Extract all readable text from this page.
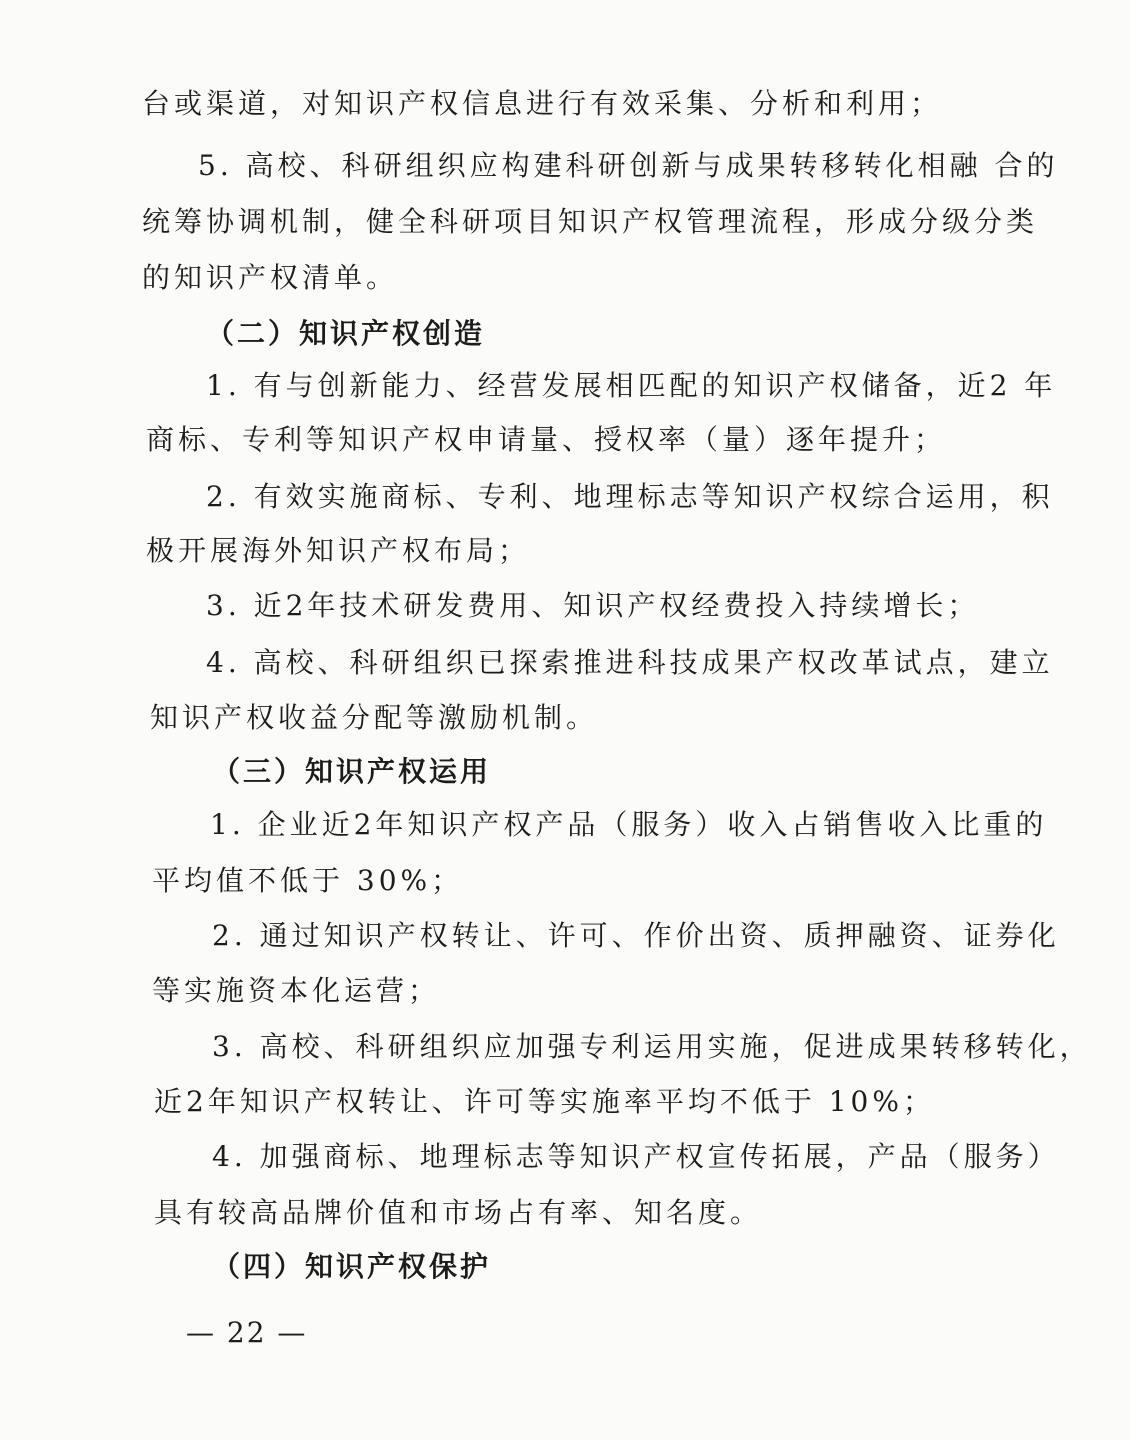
台或渠道，对知识产权信息进行有效采集、分析和利用；
5. 高校、科研组织应构建科研创新与成果转移转化相融 合的
统筹协调机制，健全科研项目知识产权管理流程，形成分级分类
的知识产权清单。
（二）知识产权创造
1. 有与创新能力、经营发展相匹配的知识产权储备，近2 年
商标、专利等知识产权申请量、授权率（量）逐年提升；
2. 有效实施商标、专利、地理标志等知识产权综合运用，积
极开展海外知识产权布局；
3. 近2年技术研发费用、知识产权经费投入持续增长；
4. 高校、科研组织已探索推进科技成果产权改革试点，建立
知识产权收益分配等激励机制。
（三）知识产权运用
1. 企业近2年知识产权产品（服务）收入占销售收入比重的
平均值不低于 30%；
2. 通过知识产权转让、许可、作价出资、质押融资、证券化
等实施资本化运营；
3. 高校、科研组织应加强专利运用实施，促进成果转移转化，
近2年知识产权转让、许可等实施率平均不低于 10%；
4. 加强商标、地理标志等知识产权宣传拓展，产品（服务）
具有较高品牌价值和市场占有率、知名度。
（四）知识产权保护
— 22 —
